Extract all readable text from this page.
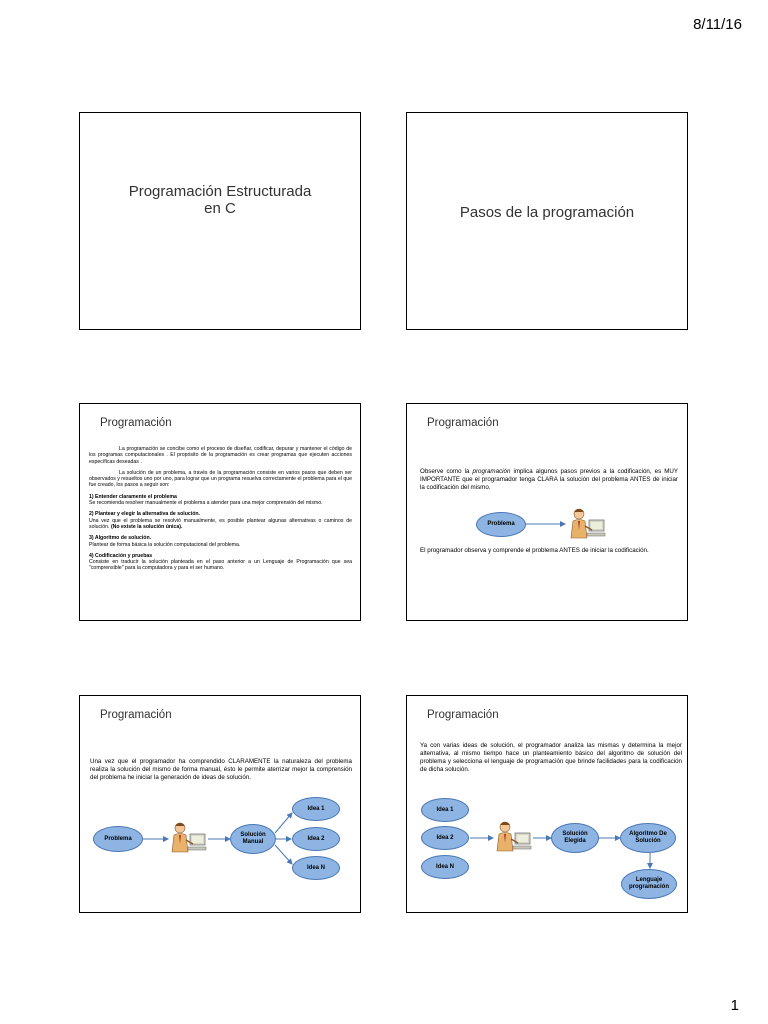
8/11/16
Programación Estructurada
en C	Pasos de la programación
Programación

La programación se concibe como el proceso de diseñar, codificar, depurar y mantener el código de los programas computacionales . El propósito de la programación es crear programas que ejecuten acciones específicas deseadas .

La solución de un problema, a través de la programación consiste en varios pasos que deben ser observados y resueltos uno por uno, para lograr que un programa resuelva correctamente el problema para el que fue creado, los pasos a seguir son:

1) Entender claramente el problema
Se recomienda resolver manualmente el problema a atender para una mejor comprensión del mismo.

2) Plantear y elegir la alternativa de solución.
Una vez que el problema se resolvió manualmente, es posible plantear algunas alternativas o caminos de solución. (No existe la solución única).

3) Algoritmo de solución.
Plantear de forma básica la solución computacional del problema.

4) Codificación y pruebas
Consiste en traducir la solución planteada en el paso anterior a un Lenguaje de Programación que sea "comprensible" para la computadora y para el ser humano.

Programación
Observe como la programación implica algunos pasos previos a la codificación, es MUY IMPORTANTE que el programador tenga CLARA la solución del problema ANTES de iniciar la codificación del mismo.
Problema
El programador observa y comprende el problema ANTES de iniciar la codificación.
Programación
Una vez que el programador ha comprendido CLARAMENTE la naturaleza del problema realiza la solución del mismo de forma manual, ésto le permite aterrizar mejor la comprensión del problema he iniciar la generación de ideas de solución.
Problema
Solución Manual
Idea 1
Idea 2
Idea N
Programación
Ya con varias ideas de solución, el programador analiza las mismas y determina la mejor alternativa, al mismo tiempo hace un planteamiento básico del algoritmo de solución del problema y selecciona el lenguaje de programación que brinde facilidades para la codificación de dicha solución.
Idea 1
Idea 2
Idea N
Solución Elegida
Algoritmo De Solución
Lenguaje programación
1
